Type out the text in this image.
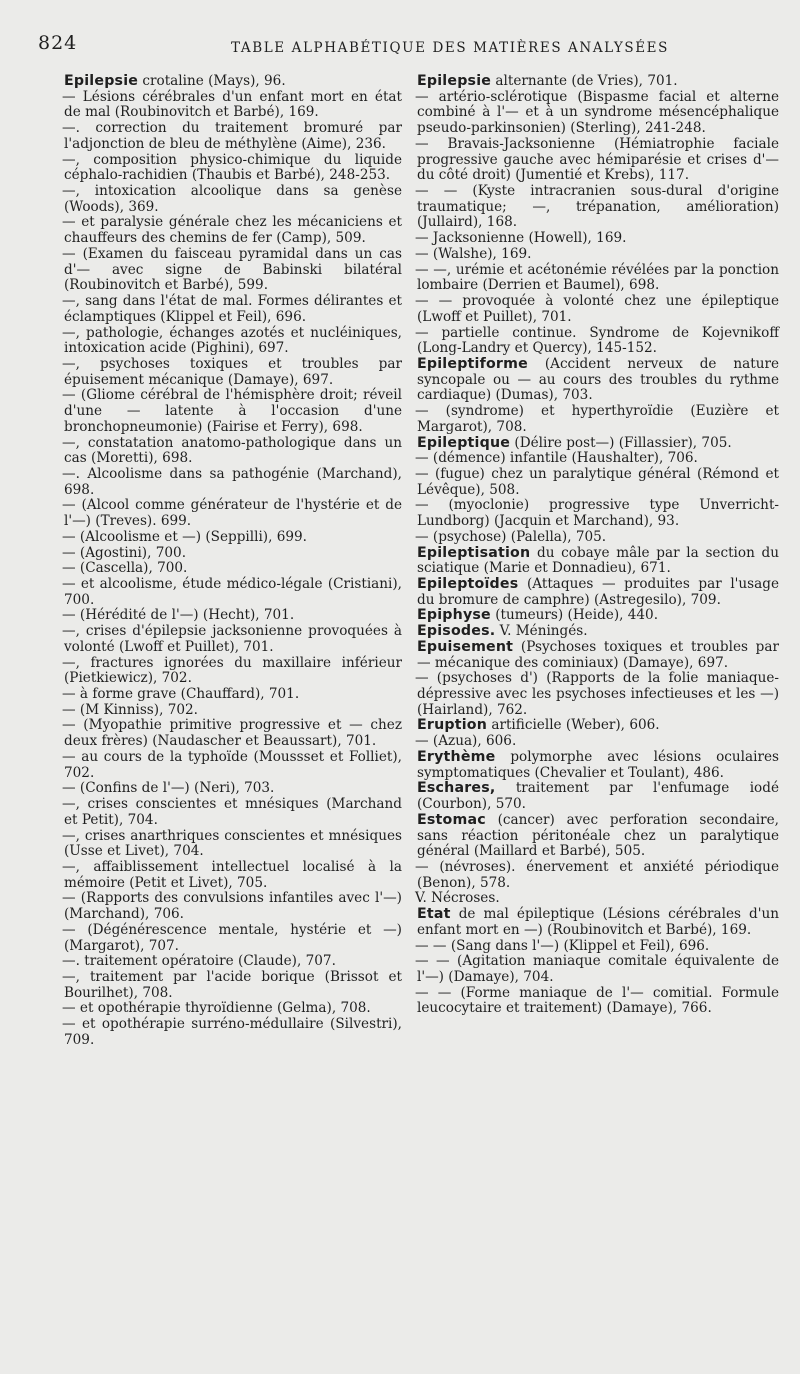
824	TABLE ALPHABÉTIQUE DES MATIÈRES ANALYSÉES

Epilepsie crotaline (Mays), 96.

— Lésions cérébrales d'un enfant mort en état de mal (Roubinovitch et Barbé), 169.

—. correction du traitement bromuré par l'adjonction de bleu de méthylène (Aime), 236.

—, composition physico-chimique du liquide céphalo-rachidien (Thaubis et Barbé), 248-253.

—, intoxication alcoolique dans sa genèse (Woods), 369.

— et paralysie générale chez les mécaniciens et chauffeurs des chemins de fer (Camp), 509.

— (Examen du faisceau pyramidal dans un cas d'— avec signe de Babinski bilatéral (Roubinovitch et Barbé), 599.

—, sang dans l'état de mal. Formes délirantes et éclamptiques (Klippel et Feil), 696.

—, pathologie, échanges azotés et nucléiniques, intoxication acide (Pighini), 697.

—, psychoses toxiques et troubles par épuisement mécanique (Damaye), 697.

— (Gliome cérébral de l'hémisphère droit; réveil d'une — latente à l'occasion d'une bronchopneumonie) (Fairise et Ferry), 698.

—, constatation anatomo-pathologique dans un cas (Moretti), 698.

—. Alcoolisme dans sa pathogénie (Marchand), 698.

— (Alcool comme générateur de l'hystérie et de l'—) (Treves). 699.

— (Alcoolisme et —) (Seppilli), 699.

— (Agostini), 700.

— (Cascella), 700.

— et alcoolisme, étude médico-légale (Cristiani), 700.

— (Hérédité de l'—) (Hecht), 701.

—, crises d'épilepsie jacksonienne provoquées à volonté (Lwoff et Puillet), 701.

—, fractures ignorées du maxillaire inférieur (Pietkiewicz), 702.

— à forme grave (Chauffard), 701.

— (M Kinniss), 702.

— (Myopathie primitive progressive et — chez deux frères) (Naudascher et Beaussart), 701.

— au cours de la typhoïde (Moussset et Folliet), 702.

— (Confins de l'—) (Neri), 703.

—, crises conscientes et mnésiques (Marchand et Petit), 704.

—, crises anarthriques conscientes et mnésiques (Usse et Livet), 704.

—, affaiblissement intellectuel localisé à la mémoire (Petit et Livet), 705.

— (Rapports des convulsions infantiles avec l'—) (Marchand), 706.

— (Dégénérescence mentale, hystérie et —) (Margarot), 707.

—. traitement opératoire (Claude), 707.

—, traitement par l'acide borique (Brissot et Bourilhet), 708.

— et opothérapie thyroïdienne (Gelma), 708.

— et opothérapie surréno-médullaire (Silvestri), 709.

Epilepsie alternante (de Vries), 701.

— artério-sclérotique (Bispasme facial et alterne combiné à l'— et à un syndrome mésencéphalique pseudo-parkinsonien) (Sterling), 241-248.

— Bravais-Jacksonienne (Hémiatrophie faciale progressive gauche avec hémiparésie et crises d'— du côté droit) (Jumentié et Krebs), 117.

— — (Kyste intracranien sous-dural d'origine traumatique; —, trépanation, amélioration) (Jullaird), 168.

— Jacksonienne (Howell), 169.

— (Walshe), 169.

— —, urémie et acétonémie révélées par la ponction lombaire (Derrien et Baumel), 698.

— — provoquée à volonté chez une épileptique (Lwoff et Puillet), 701.

— partielle continue. Syndrome de Kojevnikoff (Long-Landry et Quercy), 145-152.

Epileptiforme (Accident nerveux de nature syncopale ou — au cours des troubles du rythme cardiaque) (Dumas), 703.

— (syndrome) et hyperthyroïdie (Euzière et Margarot), 708.

Epileptique (Délire post—) (Fillassier), 705.

— (démence) infantile (Haushalter), 706.

— (fugue) chez un paralytique général (Rémond et Lévêque), 508.

— (myoclonie) progressive type Unverricht-Lundborg) (Jacquin et Marchand), 93.

— (psychose) (Palella), 705.

Epileptisation du cobaye mâle par la section du sciatique (Marie et Donnadieu), 671.

Epileptoïdes (Attaques — produites par l'usage du bromure de camphre) (Astregesilo), 709.

Epiphyse (tumeurs) (Heide), 440.

Episodes. V. Méningés.

Epuisement (Psychoses toxiques et troubles par — mécanique des cominiaux) (Damaye), 697.

— (psychoses d') (Rapports de la folie maniaque-dépressive avec les psychoses infectieuses et les —) (Hairland), 762.

Eruption artificielle (Weber), 606.

— (Azua), 606.

Erythème polymorphe avec lésions oculaires symptomatiques (Chevalier et Toulant), 486.

Eschares, traitement par l'enfumage iodé (Courbon), 570.

Estomac (cancer) avec perforation secondaire, sans réaction péritonéale chez un paralytique général (Maillard et Barbé), 505.

— (névroses). énervement et anxiété périodique (Benon), 578.

V. Nécroses.

Etat de mal épileptique (Lésions cérébrales d'un enfant mort en —) (Roubinovitch et Barbé), 169.

— — (Sang dans l'—) (Klippel et Feil), 696.

— — (Agitation maniaque comitale équivalente de l'—) (Damaye), 704.

— — (Forme maniaque de l'— comitial. Formule leucocytaire et traitement) (Damaye), 766.
